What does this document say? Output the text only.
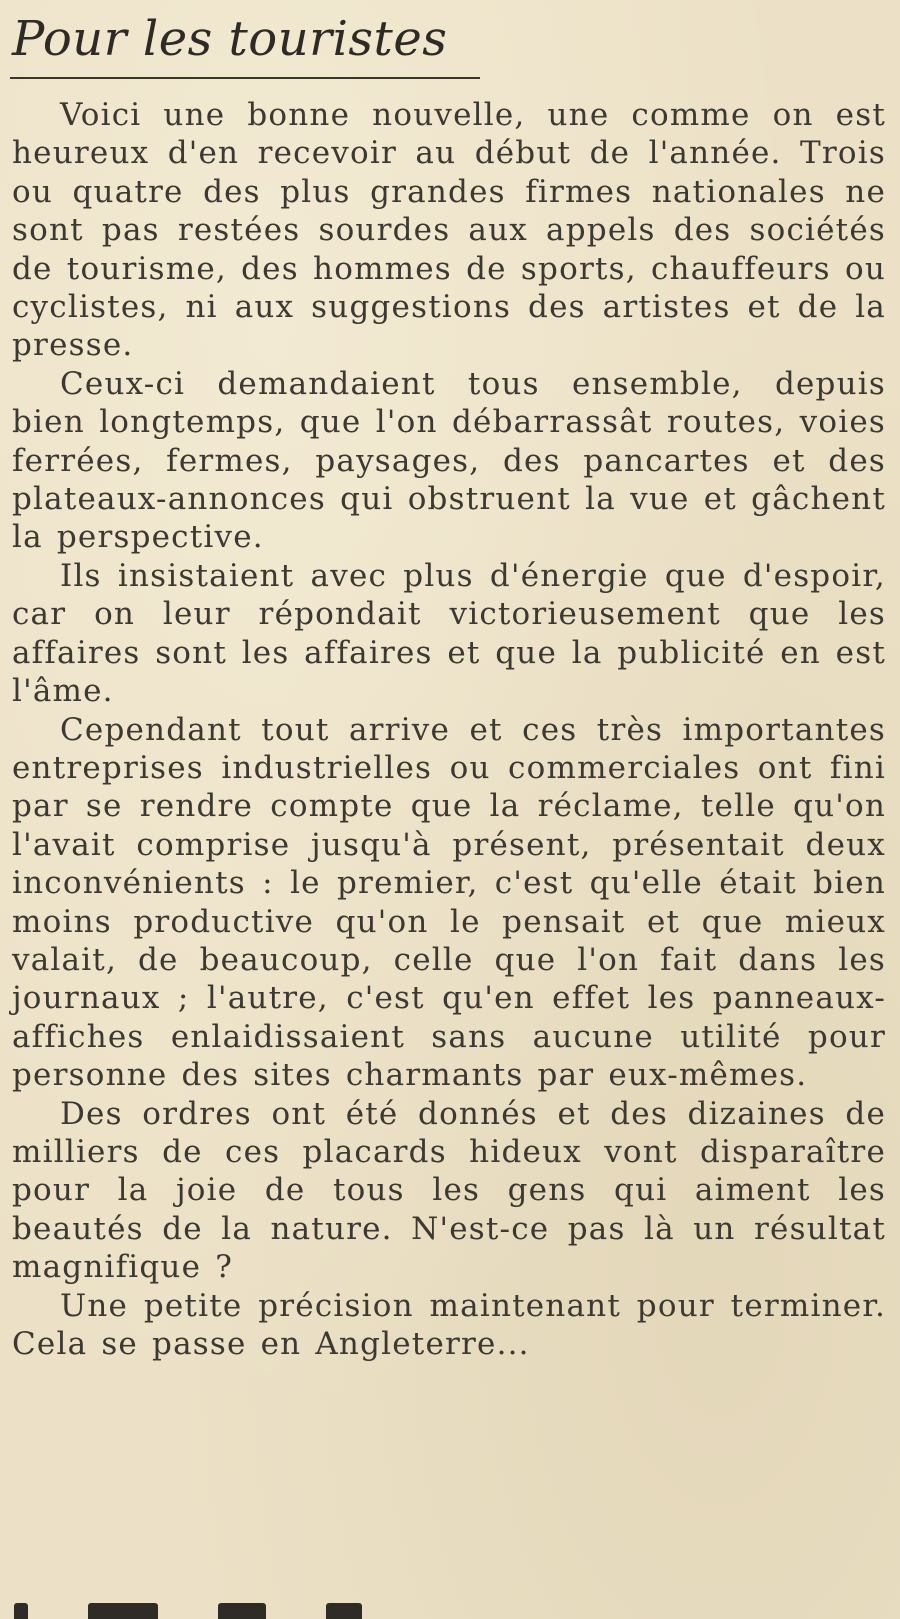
Pour les touristes

Voici une bonne nouvelle, une comme on est heureux d'en recevoir au début de l'année. Trois ou quatre des plus grandes firmes nationales ne sont pas restées sourdes aux appels des sociétés de tourisme, des hommes de sports, chauffeurs ou cyclistes, ni aux suggestions des artistes et de la presse.

Ceux-ci demandaient tous ensemble, depuis bien longtemps, que l'on débarrassât routes, voies ferrées, fermes, paysages, des pancartes et des plateaux-annonces qui obstruent la vue et gâchent la perspective.

Ils insistaient avec plus d'énergie que d'espoir, car on leur répondait victorieusement que les affaires sont les affaires et que la publicité en est l'âme.

Cependant tout arrive et ces très importantes entreprises industrielles ou commerciales ont fini par se rendre compte que la réclame, telle qu'on l'avait comprise jusqu'à présent, présentait deux inconvénients : le premier, c'est qu'elle était bien moins productive qu'on le pensait et que mieux valait, de beaucoup, celle que l'on fait dans les journaux ; l'autre, c'est qu'en effet les panneaux-affiches enlaidissaient sans aucune utilité pour personne des sites charmants par eux-mêmes.

Des ordres ont été donnés et des dizaines de milliers de ces placards hideux vont disparaître pour la joie de tous les gens qui aiment les beautés de la nature. N'est-ce pas là un résultat magnifique ?

Une petite précision maintenant pour terminer. Cela se passe en Angleterre...
